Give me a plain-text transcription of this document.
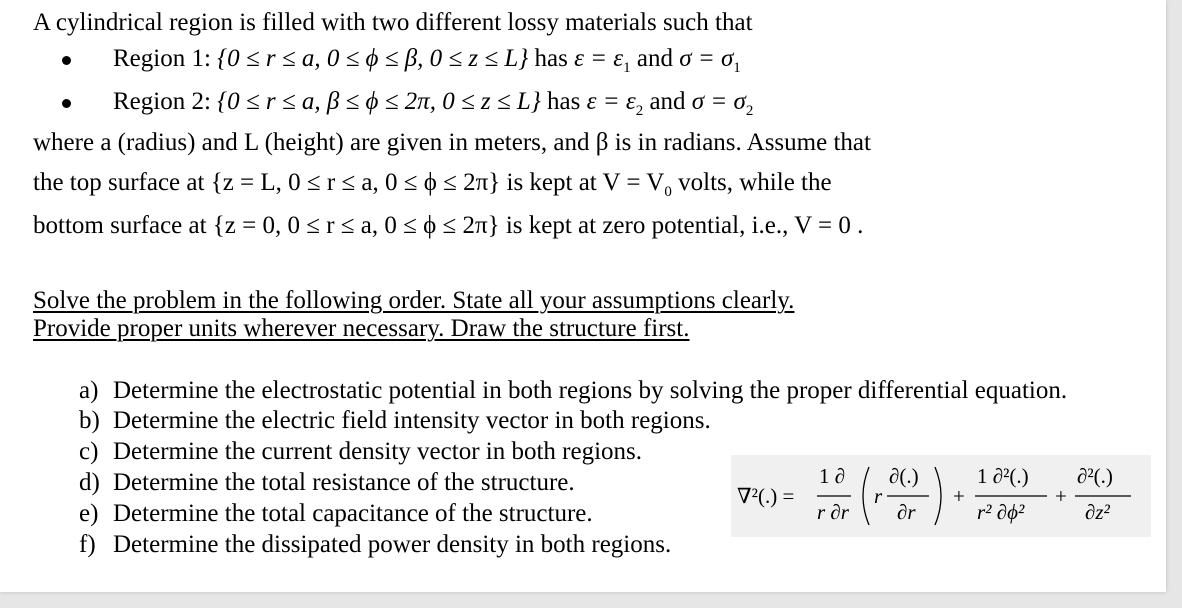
A cylindrical region is filled with two different lossy materials such that
Region 1: {0 ≤ r ≤ a, 0 ≤ ϕ ≤ β, 0 ≤ z ≤ L} has $\varepsilon = \varepsilon_1$ and $\sigma = \sigma_1$
Region 2: {0 ≤ r ≤ a, β ≤ ϕ ≤ 2π, 0 ≤ z ≤ L} has $\varepsilon = \varepsilon_2$ and $\sigma = \sigma_2$
where a (radius) and L (height) are given in meters, and β is in radians. Assume that
the top surface at {z = L, 0 ≤ r ≤ a, 0 ≤ ϕ ≤ 2π} is kept at $V = V_0$ volts, while the
bottom surface at {z = 0, 0 ≤ r ≤ a, 0 ≤ ϕ ≤ 2π} is kept at zero potential, i.e., V = 0 .
Solve the problem in the following order. State all your assumptions clearly.
Provide proper units wherever necessary. Draw the structure first.
a) Determine the electrostatic potential in both regions by solving the proper differential equation.
b) Determine the electric field intensity vector in both regions.
c) Determine the current density vector in both regions.
d) Determine the total resistance of the structure.
e) Determine the total capacitance of the structure.
f) Determine the dissipated power density in both regions.
∇²(.) =
1 ∂
r ∂r
r
∂(.)
∂r
+
1 ∂²(.)
r² ∂ϕ²
+
∂²(.)
∂z²
